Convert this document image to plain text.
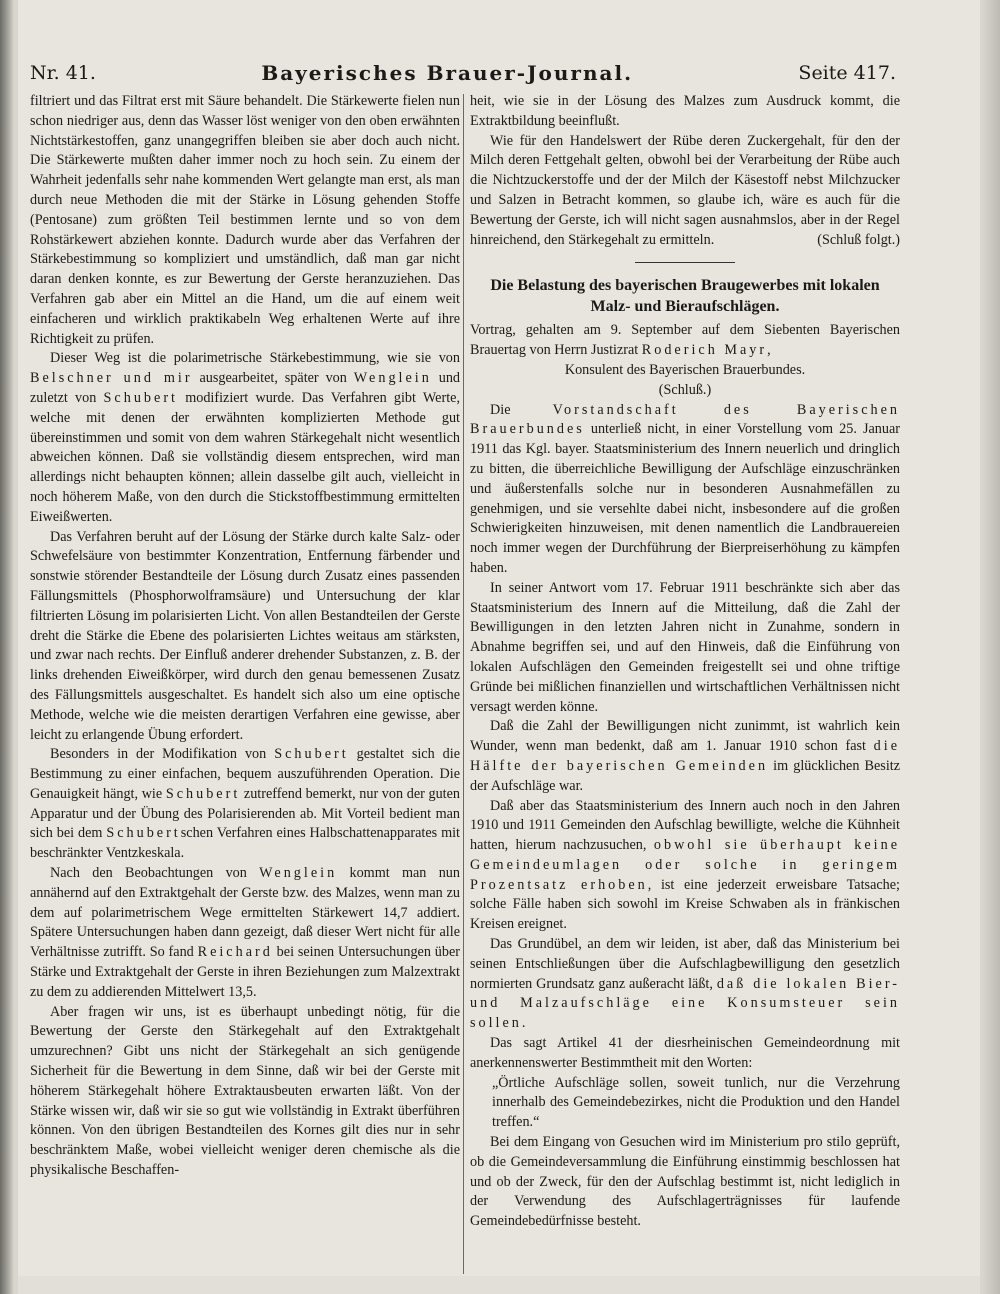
Nr. 41.	Bayerisches Brauer-Journal.	Seite 417.

filtriert und das Filtrat erst mit Säure behandelt. Die Stärkewerte fielen nun schon niedriger aus, denn das Wasser löst weniger von den oben erwähnten Nichtstärkestoffen, ganz unangegriffen bleiben sie aber doch auch nicht. Die Stärkewerte mußten daher immer noch zu hoch sein. Zu einem der Wahrheit jedenfalls sehr nahe kommenden Wert gelangte man erst, als man durch neue Methoden die mit der Stärke in Lösung gehenden Stoffe (Pentosane) zum größten Teil bestimmen lernte und so von dem Rohstärkewert abziehen konnte. Dadurch wurde aber das Verfahren der Stärkebestimmung so kompliziert und umständlich, daß man gar nicht daran denken konnte, es zur Bewertung der Gerste heranzuziehen. Das Verfahren gab aber ein Mittel an die Hand, um die auf einem weit einfacheren und wirklich praktikabeln Weg erhaltenen Werte auf ihre Richtigkeit zu prüfen.

Dieser Weg ist die polarimetrische Stärkebestimmung, wie sie von Belschner und mir ausgearbeitet, später von Wenglein und zuletzt von Schubert modifiziert wurde. Das Verfahren gibt Werte, welche mit denen der erwähnten komplizierten Methode gut übereinstimmen und somit von dem wahren Stärkegehalt nicht wesentlich abweichen können. Daß sie vollständig diesem entsprechen, wird man allerdings nicht behaupten können; allein dasselbe gilt auch, vielleicht in noch höherem Maße, von den durch die Stickstoffbestimmung ermittelten Eiweißwerten.

Das Verfahren beruht auf der Lösung der Stärke durch kalte Salz- oder Schwefelsäure von bestimmter Konzentration, Entfernung färbender und sonstwie störender Bestandteile der Lösung durch Zusatz eines passenden Fällungsmittels (Phosphorwolframsäure) und Untersuchung der klar filtrierten Lösung im polarisierten Licht. Von allen Bestandteilen der Gerste dreht die Stärke die Ebene des polarisierten Lichtes weitaus am stärksten, und zwar nach rechts. Der Einfluß anderer drehender Substanzen, z. B. der links drehenden Eiweißkörper, wird durch den genau bemessenen Zusatz des Fällungsmittels ausgeschaltet. Es handelt sich also um eine optische Methode, welche wie die meisten derartigen Verfahren eine gewisse, aber leicht zu erlangende Übung erfordert.

Besonders in der Modifikation von Schubert gestaltet sich die Bestimmung zu einer einfachen, bequem auszuführenden Operation. Die Genauigkeit hängt, wie Schubert zutreffend bemerkt, nur von der guten Apparatur und der Übung des Polarisierenden ab. Mit Vorteil bedient man sich bei dem Schubertschen Verfahren eines Halbschattenapparates mit beschränkter Ventzkeskala.

Nach den Beobachtungen von Wenglein kommt man nun annähernd auf den Extraktgehalt der Gerste bzw. des Malzes, wenn man zu dem auf polarimetrischem Wege ermittelten Stärkewert 14,7 addiert. Spätere Untersuchungen haben dann gezeigt, daß dieser Wert nicht für alle Verhältnisse zutrifft. So fand Reichard bei seinen Untersuchungen über Stärke und Extraktgehalt der Gerste in ihren Beziehungen zum Malzextrakt zu dem zu addierenden Mittelwert 13,5.

Aber fragen wir uns, ist es überhaupt unbedingt nötig, für die Bewertung der Gerste den Stärkegehalt auf den Extraktgehalt umzurechnen? Gibt uns nicht der Stärkegehalt an sich genügende Sicherheit für die Bewertung in dem Sinne, daß wir bei der Gerste mit höherem Stärkegehalt höhere Extraktausbeuten erwarten läßt. Von der Stärke wissen wir, daß wir sie so gut wie vollständig in Extrakt überführen können. Von den übrigen Bestandteilen des Kornes gilt dies nur in sehr beschränktem Maße, wobei vielleicht weniger deren chemische als die physikalische Beschaffen-

heit, wie sie in der Lösung des Malzes zum Ausdruck kommt, die Extraktbildung beeinflußt.

Wie für den Handelswert der Rübe deren Zuckergehalt, für den der Milch deren Fettgehalt gelten, obwohl bei der Verarbeitung der Rübe auch die Nichtzuckerstoffe und der der Milch der Käsestoff nebst Milchzucker und Salzen in Betracht kommen, so glaube ich, wäre es auch für die Bewertung der Gerste, ich will nicht sagen ausnahmslos, aber in der Regel hinreichend, den Stärkegehalt zu ermitteln.	(Schluß folgt.)

Die Belastung des bayerischen Braugewerbes mit lokalen
Malz- und Bieraufschlägen.

Vortrag, gehalten am 9. September auf dem Siebenten Bayerischen Brauertag von Herrn Justizrat Roderich Mayr,

Konsulent des Bayerischen Brauerbundes.

(Schluß.)

Die Vorstandschaft des Bayerischen Brauerbundes unterließ nicht, in einer Vorstellung vom 25. Januar 1911 das Kgl. bayer. Staatsministerium des Innern neuerlich und dringlich zu bitten, die überreichliche Bewilligung der Aufschläge einzuschränken und äußerstenfalls solche nur in besonderen Ausnahmefällen zu genehmigen, und sie versehlte dabei nicht, insbesondere auf die großen Schwierigkeiten hinzuweisen, mit denen namentlich die Landbrauereien noch immer wegen der Durchführung der Bierpreiserhöhung zu kämpfen haben.

In seiner Antwort vom 17. Februar 1911 beschränkte sich aber das Staatsministerium des Innern auf die Mitteilung, daß die Zahl der Bewilligungen in den letzten Jahren nicht in Zunahme, sondern in Abnahme begriffen sei, und auf den Hinweis, daß die Einführung von lokalen Aufschlägen den Gemeinden freigestellt sei und ohne triftige Gründe bei mißlichen finanziellen und wirtschaftlichen Verhältnissen nicht versagt werden könne.

Daß die Zahl der Bewilligungen nicht zunimmt, ist wahrlich kein Wunder, wenn man bedenkt, daß am 1. Januar 1910 schon fast die Hälfte der bayerischen Gemeinden im glücklichen Besitz der Aufschläge war.

Daß aber das Staatsministerium des Innern auch noch in den Jahren 1910 und 1911 Gemeinden den Aufschlag bewilligte, welche die Kühnheit hatten, hierum nachzusuchen, obwohl sie überhaupt keine Gemeindeumlagen oder solche in geringem Prozentsatz erhoben, ist eine jederzeit erweisbare Tatsache; solche Fälle haben sich sowohl im Kreise Schwaben als in fränkischen Kreisen ereignet.

Das Grundübel, an dem wir leiden, ist aber, daß das Ministerium bei seinen Entschließungen über die Aufschlagbewilligung den gesetzlich normierten Grundsatz ganz außeracht läßt, daß die lokalen Bier- und Malzaufschläge eine Konsumsteuer sein sollen.

Das sagt Artikel 41 der diesrheinischen Gemeindeordnung mit anerkennenswerter Bestimmtheit mit den Worten:

„Örtliche Aufschläge sollen, soweit tunlich, nur die Verzehrung innerhalb des Gemeindebezirkes, nicht die Produktion und den Handel treffen.“

Bei dem Eingang von Gesuchen wird im Ministerium pro stilo geprüft, ob die Gemeindeversammlung die Einführung einstimmig beschlossen hat und ob der Zweck, für den der Aufschlag bestimmt ist, nicht lediglich in der Verwendung des Aufschlagerträgnisses für laufende Gemeindebedürfnisse besteht.
